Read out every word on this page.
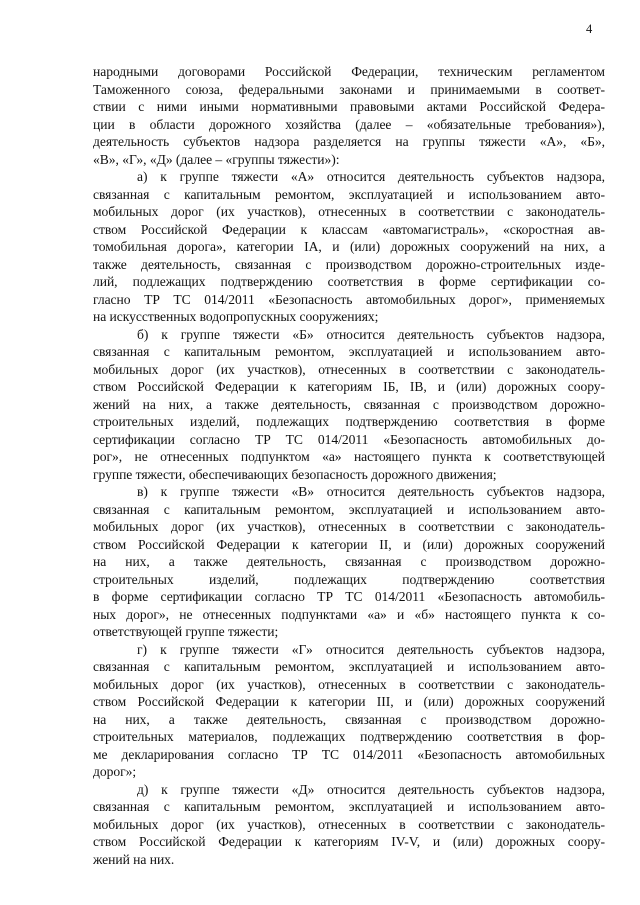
4
народными договорами Российской Федерации, техническим регламентом
Таможенного союза, федеральными законами и принимаемыми в соответ-
ствии с ними иными нормативными правовыми актами Российской Федера-
ции в области дорожного хозяйства (далее – «обязательные требования»),
деятельность субъектов надзора разделяется на группы тяжести «А», «Б»,
«В», «Г», «Д» (далее – «группы тяжести»):
а) к группе тяжести «А» относится деятельность субъектов надзора,
связанная с капитальным ремонтом, эксплуатацией и использованием авто-
мобильных дорог (их участков), отнесенных в соответствии с законодатель-
ством Российской Федерации к классам «автомагистраль», «скоростная ав-
томобильная дорога», категории IА, и (или) дорожных сооружений на них, а
также деятельность, связанная с производством дорожно-строительных изде-
лий, подлежащих подтверждению соответствия в форме сертификации со-
гласно ТР ТС 014/2011 «Безопасность автомобильных дорог», применяемых
на искусственных водопропускных сооружениях;
б) к группе тяжести «Б» относится деятельность субъектов надзора,
связанная с капитальным ремонтом, эксплуатацией и использованием авто-
мобильных дорог (их участков), отнесенных в соответствии с законодатель-
ством Российской Федерации к категориям IБ, IВ, и (или) дорожных соору-
жений на них, а также деятельность, связанная с производством дорожно-
строительных изделий, подлежащих подтверждению соответствия в форме
сертификации согласно ТР ТС 014/2011 «Безопасность автомобильных до-
рог», не отнесенных подпунктом «а» настоящего пункта к соответствующей
группе тяжести, обеспечивающих безопасность дорожного движения;
в) к группе тяжести «В» относится деятельность субъектов надзора,
связанная с капитальным ремонтом, эксплуатацией и использованием авто-
мобильных дорог (их участков), отнесенных в соответствии с законодатель-
ством Российской Федерации к категории II, и (или) дорожных сооружений
на них, а также деятельность, связанная с производством дорожно-
строительных изделий, подлежащих подтверждению соответствия
в форме сертификации согласно ТР ТС 014/2011 «Безопасность автомобиль-
ных дорог», не отнесенных подпунктами «а» и «б» настоящего пункта к со-
ответствующей группе тяжести;
г) к группе тяжести «Г» относится деятельность субъектов надзора,
связанная с капитальным ремонтом, эксплуатацией и использованием авто-
мобильных дорог (их участков), отнесенных в соответствии с законодатель-
ством Российской Федерации к категории III, и (или) дорожных сооружений
на них, а также деятельность, связанная с производством дорожно-
строительных материалов, подлежащих подтверждению соответствия в фор-
ме декларирования согласно ТР ТС 014/2011 «Безопасность автомобильных
дорог»;
д) к группе тяжести «Д» относится деятельность субъектов надзора,
связанная с капитальным ремонтом, эксплуатацией и использованием авто-
мобильных дорог (их участков), отнесенных в соответствии с законодатель-
ством Российской Федерации к категориям IV-V, и (или) дорожных соору-
жений на них.
